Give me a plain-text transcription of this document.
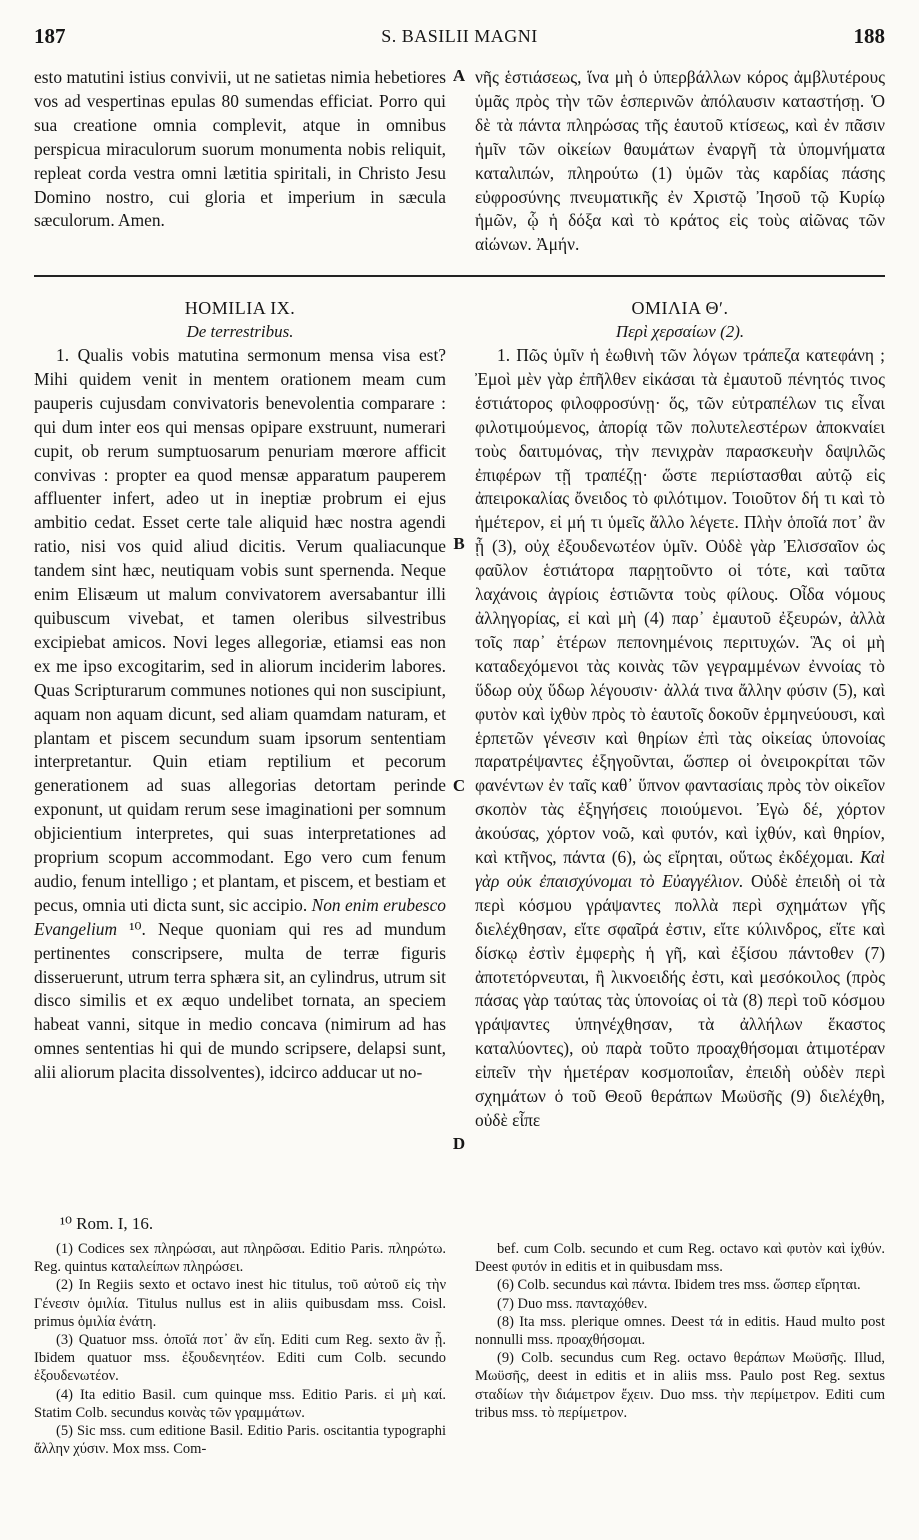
187	S. BASILII MAGNI	188

esto matutini istius convivii, ut ne satietas nimia hebetiores vos ad vespertinas epulas 80 sumendas efficiat. Porro qui sua creatione omnia complevit, atque in omnibus perspicua miraculorum suorum monumenta nobis reliquit, repleat corda vestra omni lætitia spiritali, in Christo Jesu Domino nostro, cui gloria et imperium in sæcula sæculorum. Amen.

A νῆς ἑστιάσεως, ἵνα μὴ ὁ ὑπερβάλλων κόρος ἀμβλυτέρους ὑμᾶς πρὸς τὴν τῶν ἑσπερινῶν ἀπόλαυσιν καταστήσῃ. Ὁ δὲ τὰ πάντα πληρώσας τῆς ἑαυτοῦ κτίσεως, καὶ ἐν πᾶσιν ἡμῖν τῶν οἰκείων θαυμάτων ἐναργῆ τὰ ὑπομνήματα καταλιπών, πληρούτω (1) ὑμῶν τὰς καρδίας πάσης εὐφροσύνης πνευματικῆς ἐν Χριστῷ Ἰησοῦ τῷ Κυρίῳ ἡμῶν, ᾧ ἡ δόξα καὶ τὸ κράτος εἰς τοὺς αἰῶνας τῶν αἰώνων. Ἀμήν.

HOMILIA IX.
De terrestribus.

1. Qualis vobis matutina sermonum mensa visa est? Mihi quidem venit in mentem orationem meam cum pauperis cujusdam convivatoris benevolentia comparare : qui dum inter eos qui mensas opipare exstruunt, numerari cupit, ob rerum sumptuosarum penuriam mœrore afficit convivas : propter ea quod mensæ apparatum pauperem affluenter infert, adeo ut in ineptiæ probrum ei ejus ambitio cedat. Esset certe tale aliquid hæc nostra agendi ratio, nisi vos quid aliud dicitis. Verum qualiacunque tandem sint hæc, neutiquam vobis sunt spernenda. Neque enim Elisæum ut malum convivatorem aversabantur illi quibuscum vivebat, et tamen oleribus silvestribus excipiebat amicos. Novi leges allegoriæ, etiamsi eas non ex me ipso excogitarim, sed in aliorum inciderim labores. Quas Scripturarum communes notiones qui non suscipiunt, aquam non aquam dicunt, sed aliam quamdam naturam, et plantam et piscem secundum suam ipsorum sententiam interpretantur. Quin etiam reptilium et pecorum generationem ad suas allegorias detortam perinde exponunt, ut quidam rerum sese imaginationi per somnum objicientium interpretes, qui suas interpretationes ad proprium scopum accommodant. Ego vero cum fenum audio, fenum intelligo ; et plantam, et piscem, et bestiam et pecus, omnia uti dicta sunt, sic accipio. Non enim erubesco Evangelium ¹⁰. Neque quoniam qui res ad mundum pertinentes conscripsere, multa de terræ figuris disseruerunt, utrum terra sphæra sit, an cylindrus, utrum sit disco similis et ex æquo undelibet tornata, an speciem habeat vanni, sitque in medio concava (nimirum ad has omnes sententias hi qui de mundo scripsere, delapsi sunt, alii aliorum placita dissolventes), idcirco adducar ut no-

B
C
D
ΟΜΙΛΙΑ Θʹ.
Περὶ χερσαίων (2).

1. Πῶς ὑμῖν ἡ ἑωθινὴ τῶν λόγων τράπεζα κατεφάνη ; Ἐμοὶ μὲν γὰρ ἐπῆλθεν εἰκάσαι τὰ ἐμαυτοῦ πένητός τινος ἑστιάτορος φιλοφροσύνῃ· ὅς, τῶν εὐτραπέλων τις εἶναι φιλοτιμούμενος, ἀπορίᾳ τῶν πολυτελεστέρων ἀποκναίει τοὺς δαιτυμόνας, τὴν πενιχρὰν παρασκευὴν δαψιλῶς ἐπιφέρων τῇ τραπέζῃ· ὥστε περιίστασθαι αὐτῷ εἰς ἀπειροκαλίας ὄνειδος τὸ φιλότιμον. Τοιοῦτον δή τι καὶ τὸ ἡμέτερον, εἰ μή τι ὑμεῖς ἄλλο λέγετε. Πλὴν ὁποῖά ποτ᾽ ἂν ᾖ (3), οὐχ ἐξουδενωτέον ὑμῖν. Οὐδὲ γὰρ Ἐλισσαῖον ὡς φαῦλον ἑστιάτορα παρῃτοῦντο οἱ τότε, καὶ ταῦτα λαχάνοις ἀγρίοις ἑστιῶντα τοὺς φίλους. Οἶδα νόμους ἀλληγορίας, εἰ καὶ μὴ (4) παρ᾽ ἐμαυτοῦ ἐξευρών, ἀλλὰ τοῖς παρ᾽ ἑτέρων πεπονημένοις περιτυχών. Ἃς οἱ μὴ καταδεχόμενοι τὰς κοινὰς τῶν γεγραμμένων ἐννοίας τὸ ὕδωρ οὐχ ὕδωρ λέγουσιν· ἀλλά τινα ἄλλην φύσιν (5), καὶ φυτὸν καὶ ἰχθὺν πρὸς τὸ ἑαυτοῖς δοκοῦν ἑρμηνεύουσι, καὶ ἑρπετῶν γένεσιν καὶ θηρίων ἐπὶ τὰς οἰκείας ὑπονοίας παρατρέψαντες ἐξηγοῦνται, ὥσπερ οἱ ὀνειροκρίται τῶν φανέντων ἐν ταῖς καθ᾽ ὕπνον φαντασίαις πρὸς τὸν οἰκεῖον σκοπὸν τὰς ἐξηγήσεις ποιούμενοι. Ἐγὼ δέ, χόρτον ἀκούσας, χόρτον νοῶ, καὶ φυτόν, καὶ ἰχθύν, καὶ θηρίον, καὶ κτῆνος, πάντα (6), ὡς εἴρηται, οὕτως ἐκδέχομαι. Καὶ γὰρ οὐκ ἐπαισχύνομαι τὸ Εὐαγγέλιον. Οὐδὲ ἐπειδὴ οἱ τὰ περὶ κόσμου γράψαντες πολλὰ περὶ σχημάτων γῆς διελέχθησαν, εἴτε σφαῖρά ἐστιν, εἴτε κύλινδρος, εἴτε καὶ δίσκῳ ἐστὶν ἐμφερὴς ἡ γῆ, καὶ ἐξίσου πάντοθεν (7) ἀποτετόρνευται, ἢ λικνοειδής ἐστι, καὶ μεσόκοιλος (πρὸς πάσας γὰρ ταύτας τὰς ὑπονοίας οἱ τὰ (8) περὶ τοῦ κόσμου γράψαντες ὑπηνέχθησαν, τὰ ἀλλήλων ἕκαστος καταλύοντες), οὐ παρὰ τοῦτο προαχθήσομαι ἀτιμοτέραν εἰπεῖν τὴν ἡμετέραν κοσμοποιΐαν, ἐπειδὴ οὐδὲν περὶ σχημάτων ὁ τοῦ Θεοῦ θεράπων Μωϋσῆς (9) διελέχθη, οὐδὲ εἶπε

¹⁰ Rom. I, 16.

(1) Codices sex πληρώσαι, aut πληρῶσαι. Editio Paris. πληρώτω. Reg. quintus καταλείπων πληρώσει.

(2) In Regiis sexto et octavo inest hic titulus, τοῦ αὐτοῦ εἰς τὴν Γένεσιν ὁμιλία. Titulus nullus est in aliis quibusdam mss. Coisl. primus ὁμιλία ἐνάτη.

(3) Quatuor mss. ὁποῖά ποτ᾽ ἂν εἴη. Editi cum Reg. sexto ἂν ᾖ. Ibidem quatuor mss. ἐξουδενητέον. Editi cum Colb. secundo ἐξουδενωτέον.

(4) Ita editio Basil. cum quinque mss. Editio Paris. εἰ μὴ καί. Statim Colb. secundus κοινὰς τῶν γραμμάτων.

(5) Sic mss. cum editione Basil. Editio Paris. oscitantia typographi ἄλλην χύσιν. Mox mss. Com-

bef. cum Colb. secundo et cum Reg. octavo καὶ φυτὸν καὶ ἰχθύν. Deest φυτόν in editis et in quibusdam mss.

(6) Colb. secundus καὶ πάντα. Ibidem tres mss. ὥσπερ εἴρηται.

(7) Duo mss. πανταχόθεν.

(8) Ita mss. plerique omnes. Deest τά in editis. Haud multo post nonnulli mss. προαχθήσομαι.

(9) Colb. secundus cum Reg. octavo θεράπων Μωϋσῆς. Illud, Μωϋσῆς, deest in editis et in aliis mss. Paulo post Reg. sextus σταδίων τὴν διάμετρον ἔχειν. Duo mss. τὴν περίμετρον. Editi cum tribus mss. τὸ περίμετρον.
